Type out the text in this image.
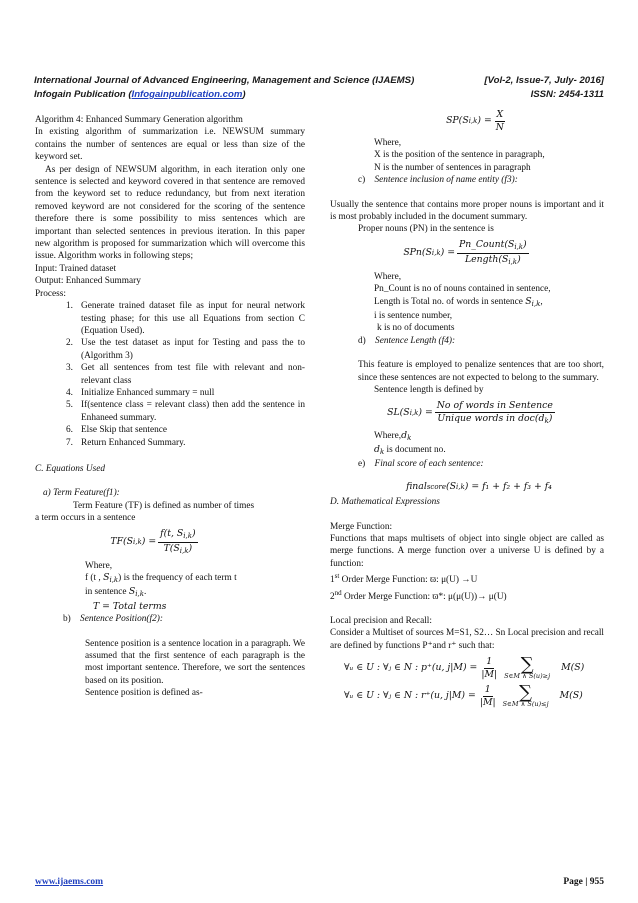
International Journal of Advanced Engineering, Management and Science (IJAEMS)	[Vol-2, Issue-7, July- 2016]
Infogain Publication (Infogainpublication.com)	ISSN: 2454-1311

Algorithm 4: Enhanced Summary Generation algorithm

In existing algorithm of summarization i.e. NEWSUM summary contains the number of sentences are equal or less than size of the keyword set.

As per design of NEWSUM algorithm, in each iteration only one sentence is selected and keyword covered in that sentence are removed from the keyword set to reduce redundancy, but from next iteration removed keyword are not considered for the scoring of the sentence therefore there is some possibility to miss sentences which are important than selected sentences in previous iteration. In this paper new algorithm is proposed for summarization which will overcome this issue. Algorithm works in following steps;

Input: Trained dataset

Output: Enhanced Summary

Process:

1. Generate trained dataset file as input for neural network testing phase; for this use all Equations from section C (Equation Used).
2. Use the test dataset as input for Testing and pass the to (Algorithm 3)
3. Get all sentences from test file with relevant and non-relevant class
4. Initialize Enhanced summary = null
5. If(sentence class = relevant class) then add the sentence in Enhaneed summary.
6. Else Skip that sentence
7. Return Enhanced Summary.

C. Equations Used

a) Term Feature(f1):

Term Feature (TF) is defined as number of times

a term occurs in a sentence

TF(S i,k ) = $\frac{f(t, S_{i,k})}{T(S_{i,k})}$

Where,

f (t , $S_{i,k}$) is the frequency of each term t

in sentence $S_{i,k}$.

T = Total terms

b) Sentence Position(f2):

Sentence position is a sentence location in a paragraph. We assumed that the first sentence of each paragraph is the most important sentence. Therefore, we sort the sentences based on its position.

Sentence position is defined as-

SP(S i,k ) = $\frac{X}{N}$

Where,

X is the position of the sentence in paragraph,

N is the number of sentences in paragraph

c) Sentence inclusion of name entity (f3):

Usually the sentence that contains more proper nouns is important and it is most probably included in the document summary.

Proper nouns (PN) in the sentence is

SPn(S i,k ) = $\frac{Pn\_Count(S_{i,k})}{Length(S_{i,k})}$

Where,

Pn_Count is no of nouns contained in sentence,

Length is Total no. of words in sentence $S_{i,k}$,

i is sentence number,

k is no of documents

d) Sentence Length (f4):

This feature is employed to penalize sentences that are too short, since these sentences are not expected to belong to the summary.

Sentence length is defined by

SL(S i,k ) = $\frac{\text{No of words in Sentence}}{Unique words in doc(d_k)}$

$Where,d_k$

$d_k$ is document no.

e) Final score of each sentence:

final score (S i,k ) = f₁ + f₂ + f₃ + f₄

D. Mathematical Expressions

Merge Function:

Functions that maps multisets of object into single object are called as merge functions. A merge function over a universe U is defined by a function:

1st Order Merge Function: ϖ: μ(U) →U

2nd Order Merge Function: ϖ*: μ(μ(U))→ μ(U)

Local precision and Recall:

Consider a Multiset of sources M=S1, S2… Sn Local precision and recall are defined by functions P⁺and r⁺ such that:

∀ᵤ ∈ U : ∀ⱼ ∈ N : p⁺(u, $j|M) = \frac{1}{|M|}$ ∑
S∈M ∧ S(u)≥j
M(S)
∀ᵤ ∈ U : ∀ⱼ ∈ N : r⁺(u, $j|M) = \frac{1}{|M|}$ ∑
S∈M ∧ S(u)≤j
M(S)
www.ijaems.com	Page | 955
